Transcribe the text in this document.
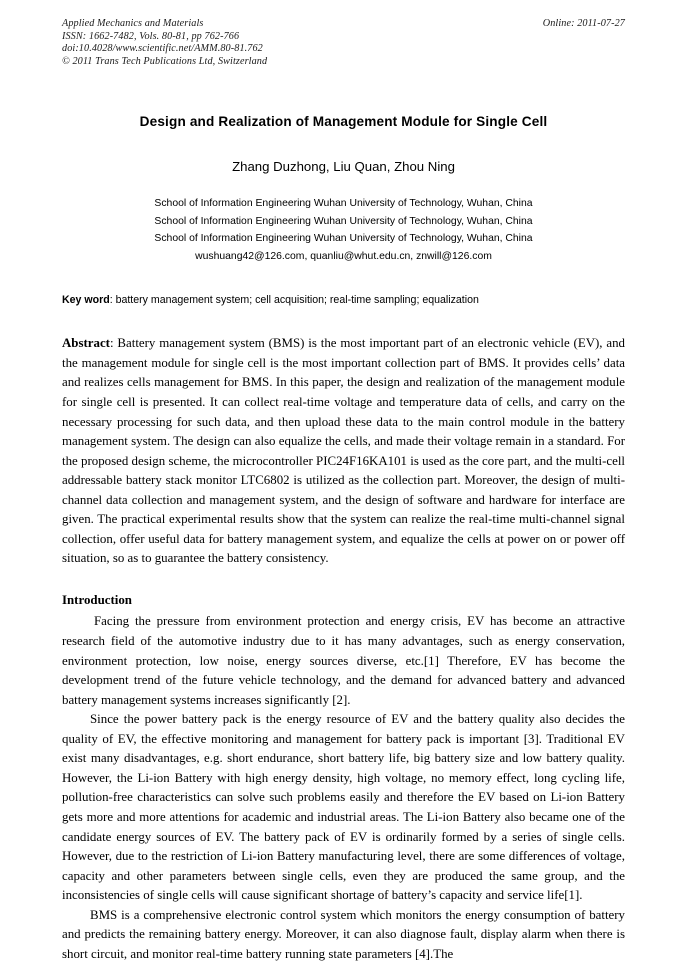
Applied Mechanics and Materials
ISSN: 1662-7482, Vols. 80-81, pp 762-766
doi:10.4028/www.scientific.net/AMM.80-81.762
© 2011 Trans Tech Publications Ltd, Switzerland
Online: 2011-07-27
Design and Realization of Management Module for Single Cell
Zhang Duzhong, Liu Quan, Zhou Ning
School of Information Engineering Wuhan University of Technology, Wuhan, China
School of Information Engineering Wuhan University of Technology, Wuhan, China
School of Information Engineering Wuhan University of Technology, Wuhan, China
wushuang42@126.com, quanliu@whut.edu.cn, znwill@126.com
Key word: battery management system; cell acquisition; real-time sampling; equalization

Abstract: Battery management system (BMS) is the most important part of an electronic vehicle (EV), and the management module for single cell is the most important collection part of BMS. It provides cells’ data and realizes cells management for BMS. In this paper, the design and realization of the management module for single cell is presented. It can collect real-time voltage and temperature data of cells, and carry on the necessary processing for such data, and then upload these data to the main control module in the battery management system. The design can also equalize the cells, and made their voltage remain in a standard. For the proposed design scheme, the microcontroller PIC24F16KA101 is used as the core part, and the multi-cell addressable battery stack monitor LTC6802 is utilized as the collection part. Moreover, the design of multi-channel data collection and management system, and the design of software and hardware for interface are given. The practical experimental results show that the system can realize the real-time multi-channel signal collection, offer useful data for battery management system, and equalize the cells at power on or power off situation, so as to guarantee the battery consistency.

Introduction

Facing the pressure from environment protection and energy crisis, EV has become an attractive research field of the automotive industry due to it has many advantages, such as energy conservation, environment protection, low noise, energy sources diverse, etc.[1] Therefore, EV has become the development trend of the future vehicle technology, and the demand for advanced battery and advanced battery management systems increases significantly [2].

Since the power battery pack is the energy resource of EV and the battery quality also decides the quality of EV, the effective monitoring and management for battery pack is important [3]. Traditional EV exist many disadvantages, e.g. short endurance, short battery life, big battery size and low battery quality. However, the Li-ion Battery with high energy density, high voltage, no memory effect, long cycling life, pollution-free characteristics can solve such problems easily and therefore the EV based on Li-ion Battery gets more and more attentions for academic and industrial areas. The Li-ion Battery also became one of the candidate energy sources of EV. The battery pack of EV is ordinarily formed by a series of single cells. However, due to the restriction of Li-ion Battery manufacturing level, there are some differences of voltage, capacity and other parameters between single cells, even they are produced the same group, and the inconsistencies of single cells will cause significant shortage of battery’s capacity and service life[1].

BMS is a comprehensive electronic control system which monitors the energy consumption of battery and predicts the remaining battery energy. Moreover, it can also diagnose fault, display alarm when there is short circuit, and monitor real-time battery running state parameters [4].The
